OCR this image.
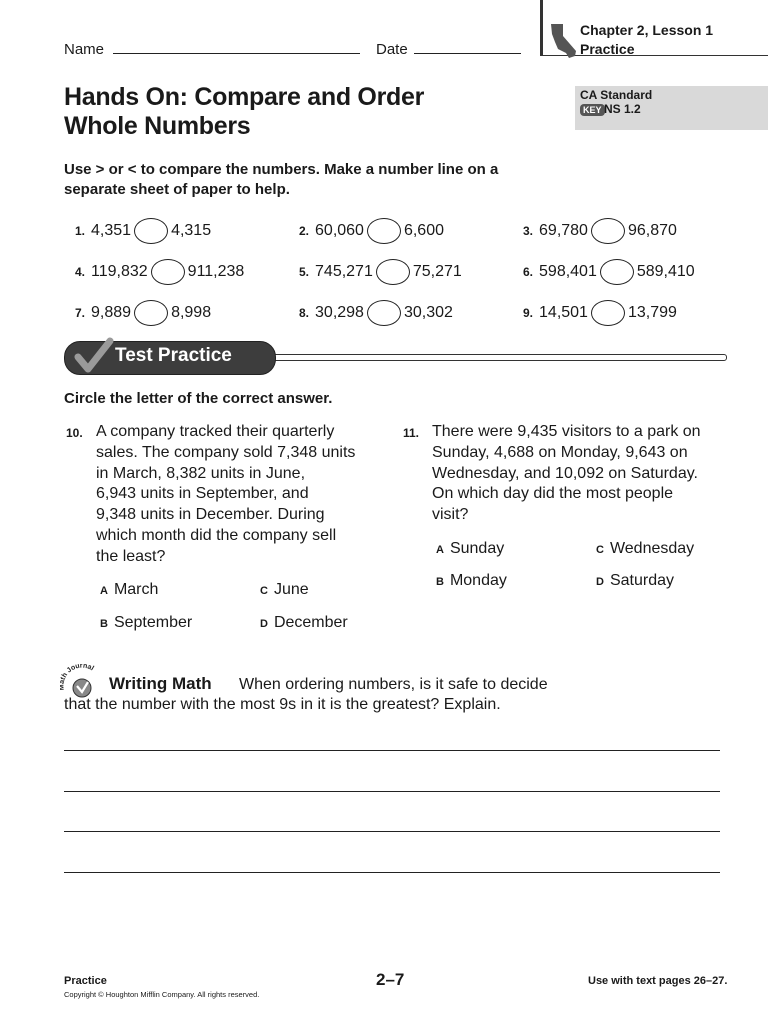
Name	Date
Chapter 2, Lesson 1
Practice
CA Standard
KEY NS 1.2
Hands On: Compare and Order
Whole Numbers
Use > or < to compare the numbers. Make a number line on a
separate sheet of paper to help.
1. 4,351	4,315	2. 60,060	6,600	3. 69,780	96,870
4. 119,832	911,238	5. 745,271	75,271	6. 598,401	589,410
7. 9,889	8,998	8. 30,298	30,302	9. 14,501	13,799
Test Practice
Circle the letter of the correct answer.
10. A company tracked their quarterly
sales. The company sold 7,348 units
in March, 8,382 units in June,
6,943 units in September, and
9,348 units in December. During
which month did the company sell
the least?
A March	C June
B September	D December
11. There were 9,435 visitors to a park on
Sunday, 4,688 on Monday, 9,643 on
Wednesday, and 10,092 on Saturday.
On which day did the most people
visit?
A Sunday	C Wednesday
B Monday	D Saturday
th Journal
Writing Math When ordering numbers, is it safe to decide
that the number with the most 9s in it is the greatest? Explain.
Practice	2–7	Use with text pages 26–27.
Copyright © Houghton Mifflin Company. All rights reserved.
